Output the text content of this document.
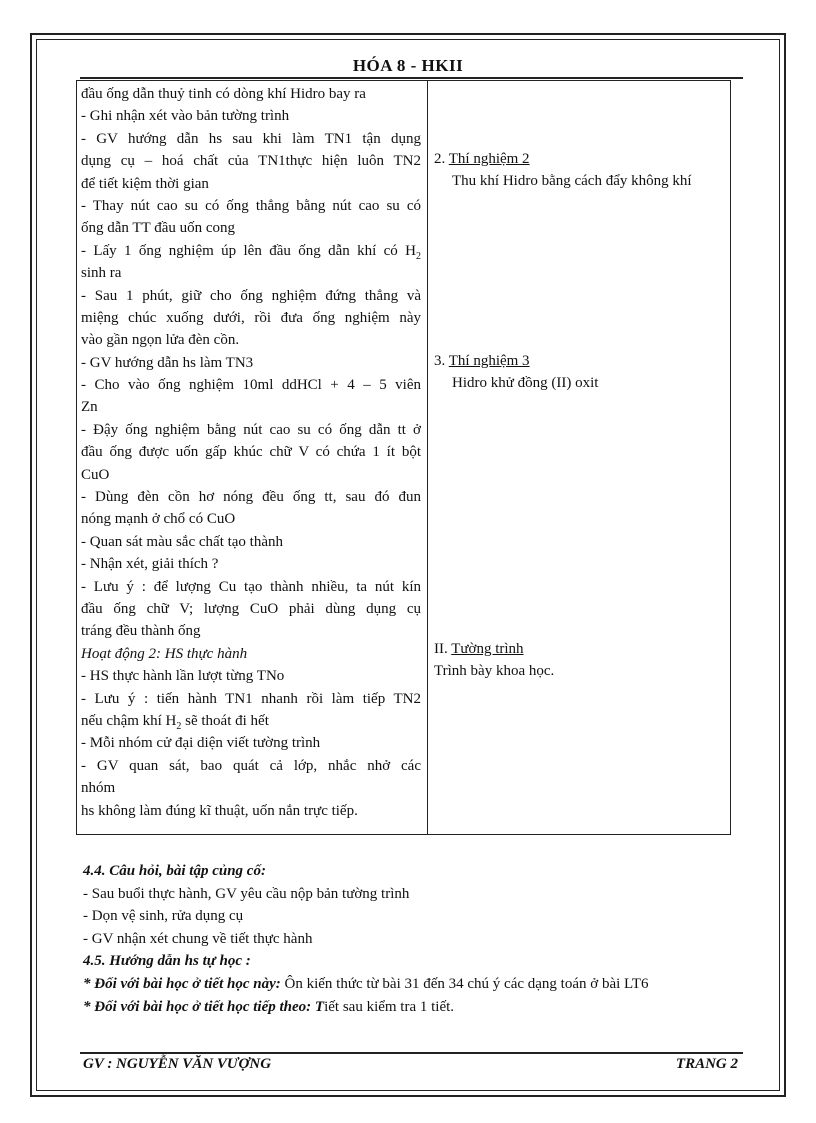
HÓA 8 - HKII
đầu ống dẫn thuỷ tinh có dòng khí Hidro bay ra
- Ghi nhận xét vào bản tường trình
- GV hướng dẫn hs sau khi làm TN1 tận dụng
dụng cụ – hoá chất của TN1thực hiện luôn TN2
để tiết kiệm thời gian
- Thay nút cao su có ống thẳng bằng nút cao su có
ống dẫn TT đầu uốn cong
- Lấy 1 ống nghiệm úp lên đầu ống dẫn khí có $H_2$
sinh ra
- Sau 1 phút, giữ cho ống nghiệm đứng thẳng và
miệng chúc xuống dưới, rồi đưa ống nghiệm này
vào gần ngọn lửa đèn cồn.
- GV hướng dẫn hs làm TN3
- Cho vào ống nghiệm 10ml ddHCl + 4 – 5 viên
Zn
- Đậy ống nghiệm bằng nút cao su có ống dẫn tt ở
đầu ống được uốn gấp khúc chữ V có chứa 1 ít bột
CuO
- Dùng đèn cồn hơ nóng đều ống tt, sau đó đun
nóng mạnh ở chổ có CuO
- Quan sát màu sắc chất tạo thành
- Nhận xét, giải thích ?
- Lưu ý : để lượng Cu tạo thành nhiều, ta nút kín
đầu ống chữ V; lượng CuO phải dùng dụng cụ
tráng đều thành ống
Hoạt động 2: HS thực hành
- HS thực hành lần lượt từng TNo
- Lưu ý : tiến hành TN1 nhanh rồi làm tiếp TN2
nếu chậm khí $H_2$ sẽ thoát đi hết
- Mỗi nhóm cử đại diện viết tường trình
- GV quan sát, bao quát cả lớp, nhắc nhở các
nhóm
hs không làm đúng kĩ thuật, uốn nắn trực tiếp.
2. Thí nghiệm 2
Thu khí Hidro bằng cách đẩy không khí
3. Thí nghiệm 3
Hidro khử đồng (II) oxit
II. Tường trình
Trình bày khoa học.
4.4. Câu hỏi, bài tập củng cố:
- Sau buổi thực hành, GV yêu cầu nộp bản tường trình
- Dọn vệ sinh, rửa dụng cụ
- GV nhận xét chung về tiết thực hành
4.5. Hướng dẫn hs tự học :
* Đối với bài học ở tiết học này: Ôn kiến thức từ bài 31 đến 34 chú ý các dạng toán ở bài LT6
* Đối với bài học ở tiết học tiếp theo: Tiết sau kiểm tra 1 tiết.
GV : NGUYỄN VĂN VƯỢNG	TRANG 2
